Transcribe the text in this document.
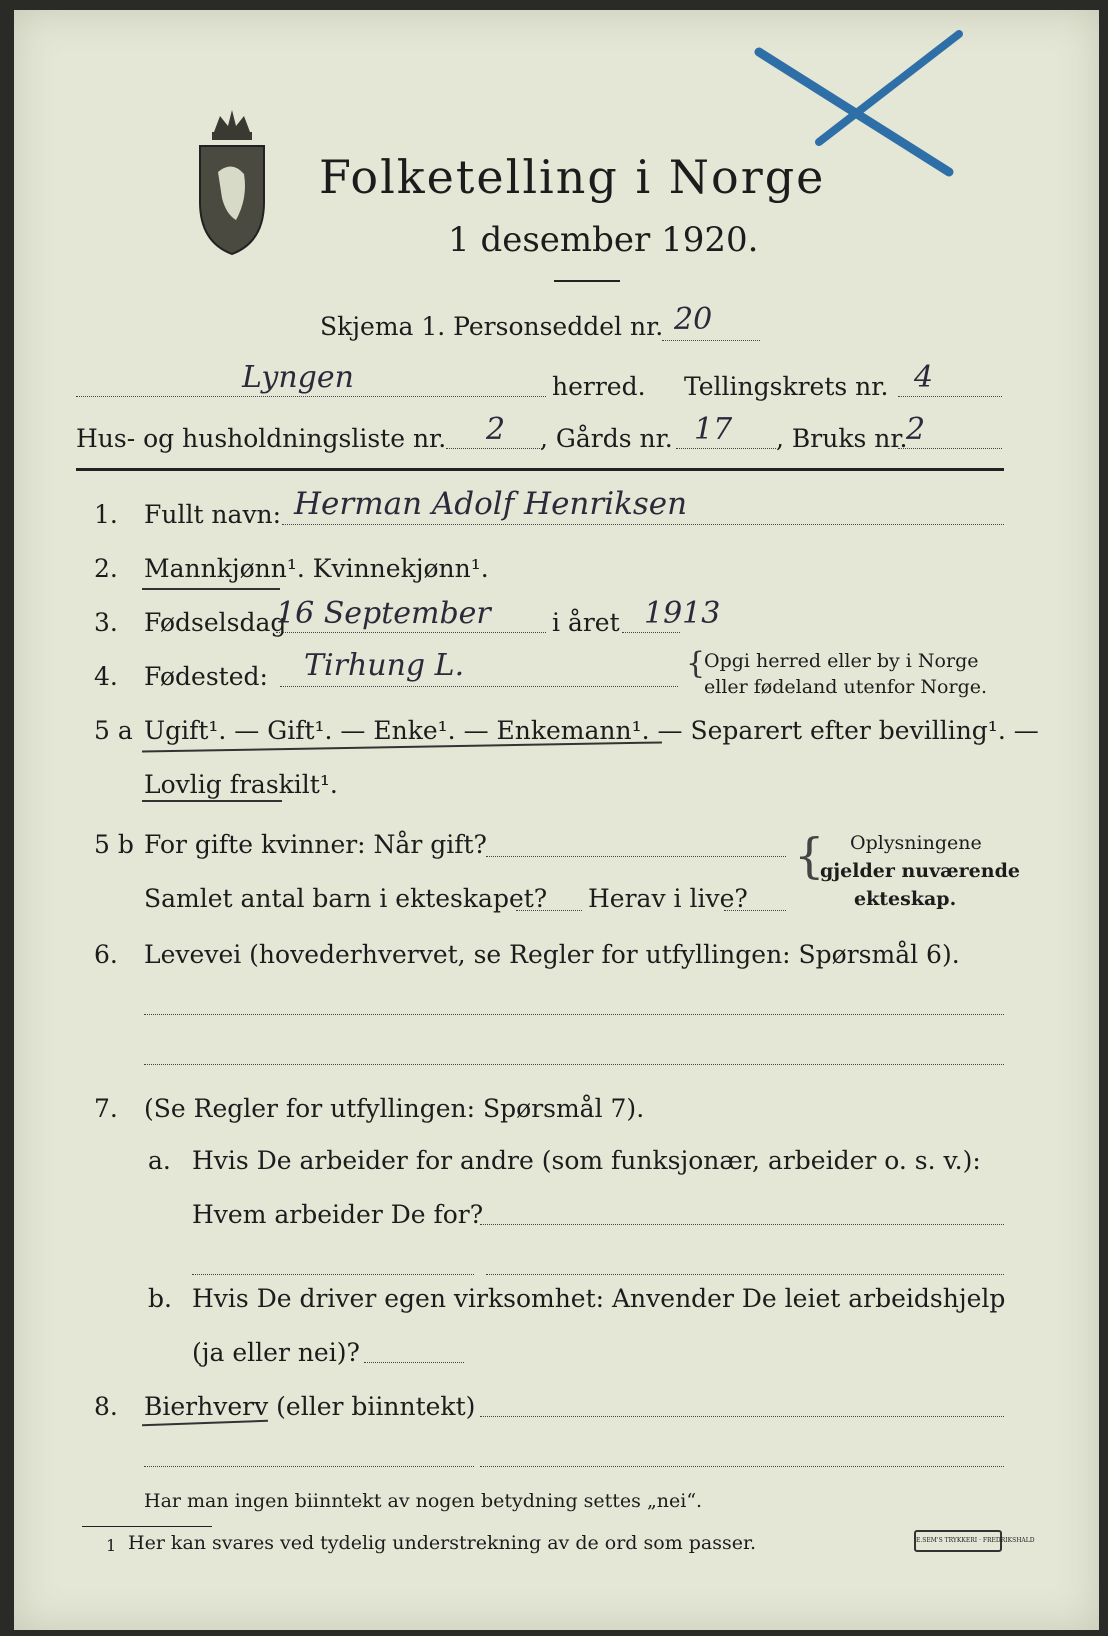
Folketelling i Norge
1 desember 1920.
Skjema 1. Personseddel nr. 20
Lyngen	herred. Tellingskrets nr. 4
Hus- og husholdningsliste nr. 2 , Gårds nr. 17 , Bruks nr.
2
1. Fullt navn: Herman Adolf Henriksen
2. Mannkjønn¹. Kvinnekjønn¹.
3. Fødselsdag
16 September i året 1913
4. Fødested: Tirhung L.	{
Opgi herred eller by i Norge
eller fødeland utenfor Norge.
5 a Ugift¹. — Gift¹. — Enke¹. — Enkemann¹. — Separert efter bevilling¹. —
Lovlig fraskilt¹.
5 b For gifte kvinner: Når gift?
Samlet antal barn i ekteskapet? Herav i live?
{ Oplysningene
gjelder nuværende
ekteskap.
6. Levevei (hovederhvervet, se Regler for utfyllingen: Spørsmål 6).
7. (Se Regler for utfyllingen: Spørsmål 7).
a. Hvis De arbeider for andre (som funksjonær, arbeider o. s. v.):
Hvem arbeider De for?
b. Hvis De driver egen virksomhet: Anvender De leiet arbeidshjelp
(ja eller nei)?
8. Bierhverv (eller biinntekt)
Har man ingen biinntekt av nogen betydning settes „nei“.
1 Her kan svares ved tydelig understrekning av de ord som passer.	E.SEM'S TRYKKERI · FREDRIKSHALD
